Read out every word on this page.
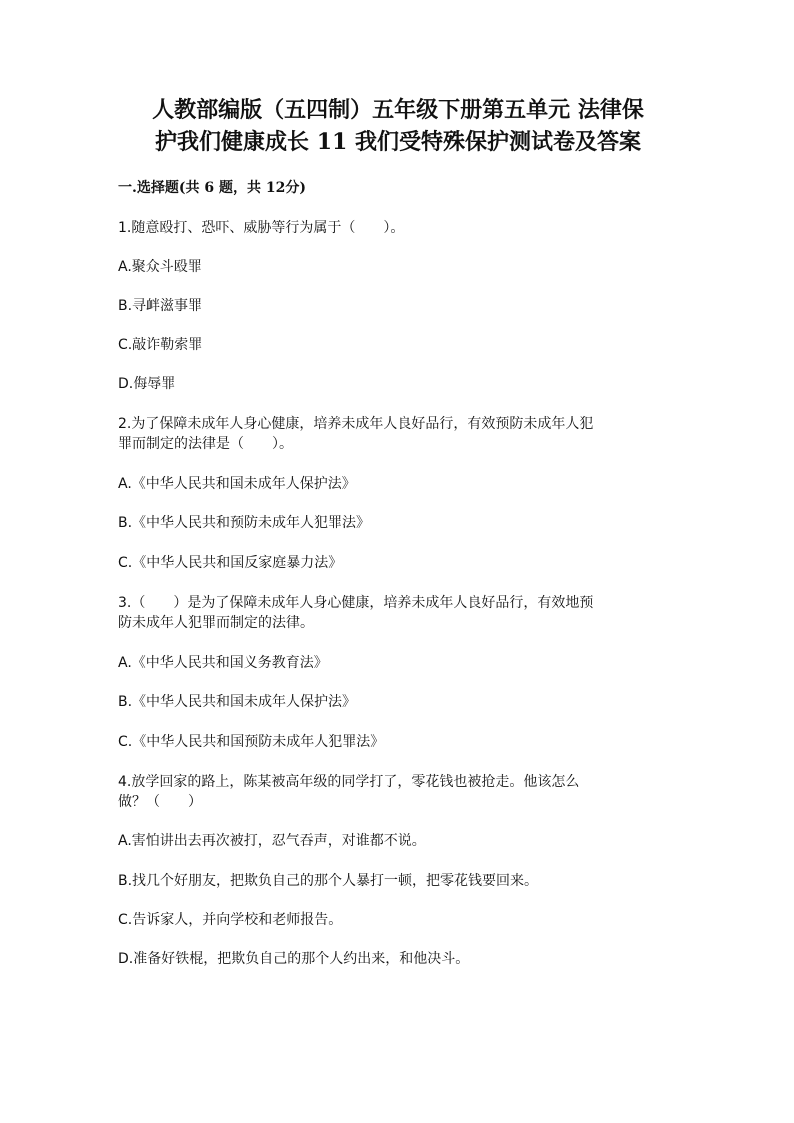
人教部编版（五四制）五年级下册第五单元 法律保
护我们健康成长 11 我们受特殊保护测试卷及答案
一.选择题(共 6 题，共 12分)

1.随意殴打、恐吓、威胁等行为属于（　　）。

A.聚众斗殴罪

B.寻衅滋事罪

C.敲诈勒索罪

D.侮辱罪

2.为了保障未成年人身心健康，培养未成年人良好品行，有效预防未成年人犯

罪而制定的法律是（　　）。

A.《中华人民共和国未成年人保护法》

B.《中华人民共和预防未成年人犯罪法》

C.《中华人民共和国反家庭暴力法》

3.（　　）是为了保障未成年人身心健康，培养未成年人良好品行，有效地预

防未成年人犯罪而制定的法律。

A.《中华人民共和国义务教育法》

B.《中华人民共和国未成年人保护法》

C.《中华人民共和国预防未成年人犯罪法》

4.放学回家的路上，陈某被高年级的同学打了，零花钱也被抢走。他该怎么

做？（　　）

A.害怕讲出去再次被打，忍气吞声，对谁都不说。

B.找几个好朋友，把欺负自己的那个人暴打一顿，把零花钱要回来。

C.告诉家人，并向学校和老师报告。

D.准备好铁棍，把欺负自己的那个人约出来，和他决斗。
